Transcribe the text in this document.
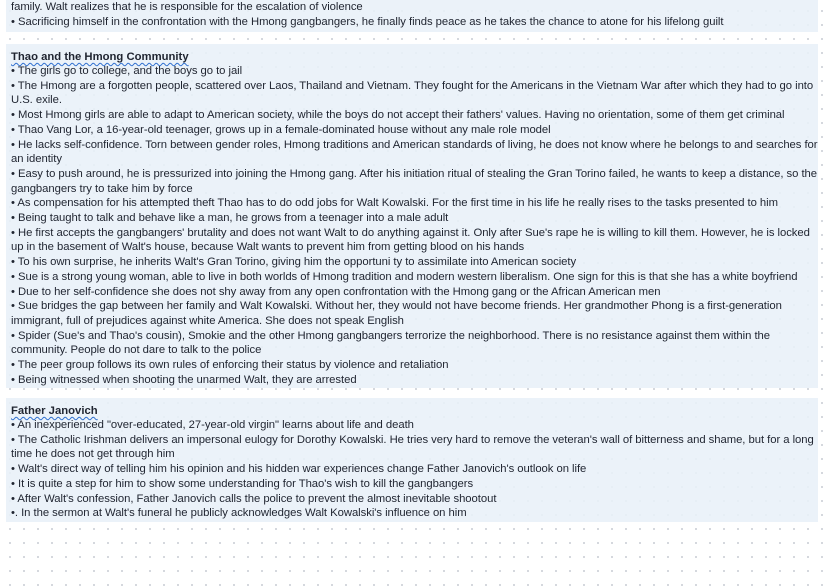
family. Walt realizes that he is responsible for the escalation of violence
• Sacrificing himself in the confrontation with the Hmong gangbangers, he finally finds peace as he takes the chance to atone for his lifelong guilt
Thao and the Hmong Community
• The girls go to college, and the boys go to jail
• The Hmong are a forgotten people, scattered over Laos, Thailand and Vietnam. They fought for the Americans in the Vietnam War after which they had to go into
U.S. exile.
• Most Hmong girls are able to adapt to American society, while the boys do not accept their fathers' values. Having no orientation, some of them get criminal
• Thao Vang Lor, a 16-year-old teenager, grows up in a female-dominated house without any male role model
• He lacks self-confidence. Torn between gender roles, Hmong traditions and American standards of living, he does not know where he belongs to and searches for
an identity
• Easy to push around, he is pressurized into joining the Hmong gang. After his initiation ritual of stealing the Gran Torino failed, he wants to keep a distance, so the
gangbangers try to take him by force
• As compensation for his attempted theft Thao has to do odd jobs for Walt Kowalski. For the first time in his life he really rises to the tasks presented to him
• Being taught to talk and behave like a man, he grows from a teenager into a male adult
• He first accepts the gangbangers' brutality and does not want Walt to do anything against it. Only after Sue's rape he is willing to kill them. However, he is locked
up in the basement of Walt's house, because Walt wants to prevent him from getting blood on his hands
• To his own surprise, he inherits Walt's Gran Torino, giving him the opportuni ty to assimilate into American society
• Sue is a strong young woman, able to live in both worlds of Hmong tradition and modern western liberalism. One sign for this is that she has a white boyfriend
• Due to her self-confidence she does not shy away from any open confrontation with the Hmong gang or the African American men
• Sue bridges the gap between her family and Walt Kowalski. Without her, they would not have become friends. Her grandmother Phong is a first-generation
immigrant, full of prejudices against white America. She does not speak English
• Spider (Sue's and Thao's cousin), Smokie and the other Hmong gangbangers terrorize the neighborhood. There is no resistance against them within the
community. People do not dare to talk to the police
• The peer group follows its own rules of enforcing their status by violence and retaliation
• Being witnessed when shooting the unarmed Walt, they are arrested
Father Janovich
• An inexperienced "over-educated, 27-year-old virgin" learns about life and death
• The Catholic Irishman delivers an impersonal eulogy for Dorothy Kowalski. He tries very hard to remove the veteran's wall of bitterness and shame, but for a long
time he does not get through him
• Walt's direct way of telling him his opinion and his hidden war experiences change Father Janovich's outlook on life
• It is quite a step for him to show some understanding for Thao's wish to kill the gangbangers
• After Walt's confession, Father Janovich calls the police to prevent the almost inevitable shootout
•. In the sermon at Walt's funeral he publicly acknowledges Walt Kowalski's influence on him
